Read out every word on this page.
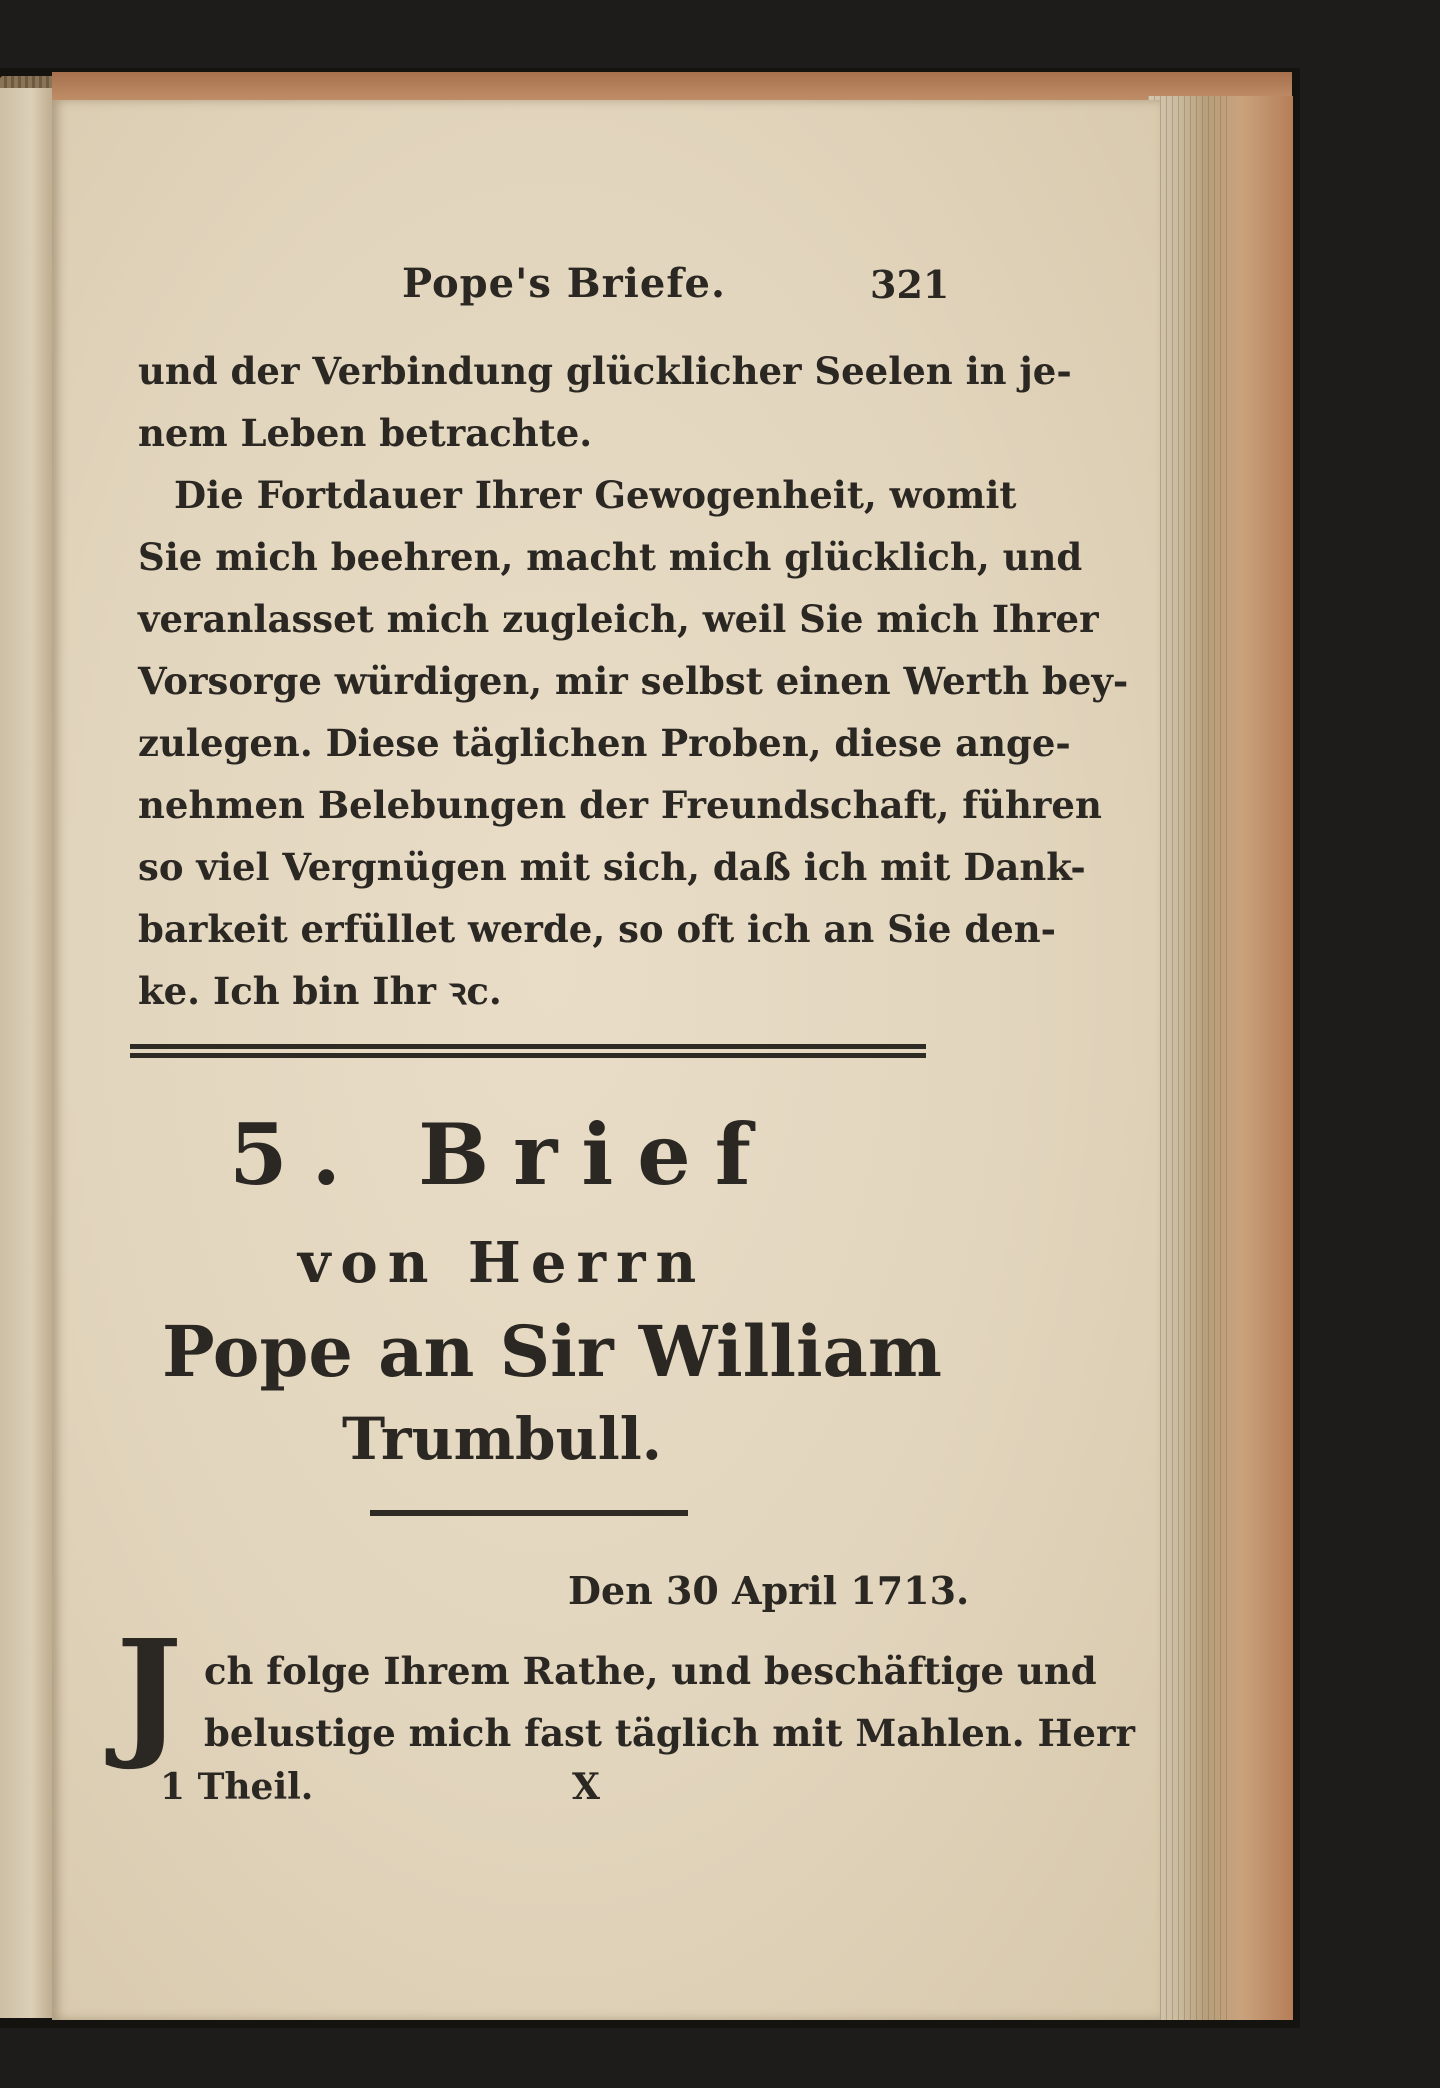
Pope's Briefe.	321
und der Verbindung glücklicher Seelen in je-
nem Leben betrachte.
Die Fortdauer Ihrer Gewogenheit, womit
Sie mich beehren, macht mich glücklich, und
veranlasset mich zugleich, weil Sie mich Ihrer
Vorsorge würdigen, mir selbst einen Werth bey-
zulegen. Diese täglichen Proben, diese ange-
nehmen Belebungen der Freundschaft, führen
so viel Vergnügen mit sich, daß ich mit Dank-
barkeit erfüllet werde, so oft ich an Sie den-
ke. Ich bin Ihr ꝛc.
5. Brief
von Herrn
Pope an Sir William
Trumbull.
Den 30 April 1713.
J ch folge Ihrem Rathe, und beschäftige und
belustige mich fast täglich mit Mahlen. Herr
1 Theil.	X
